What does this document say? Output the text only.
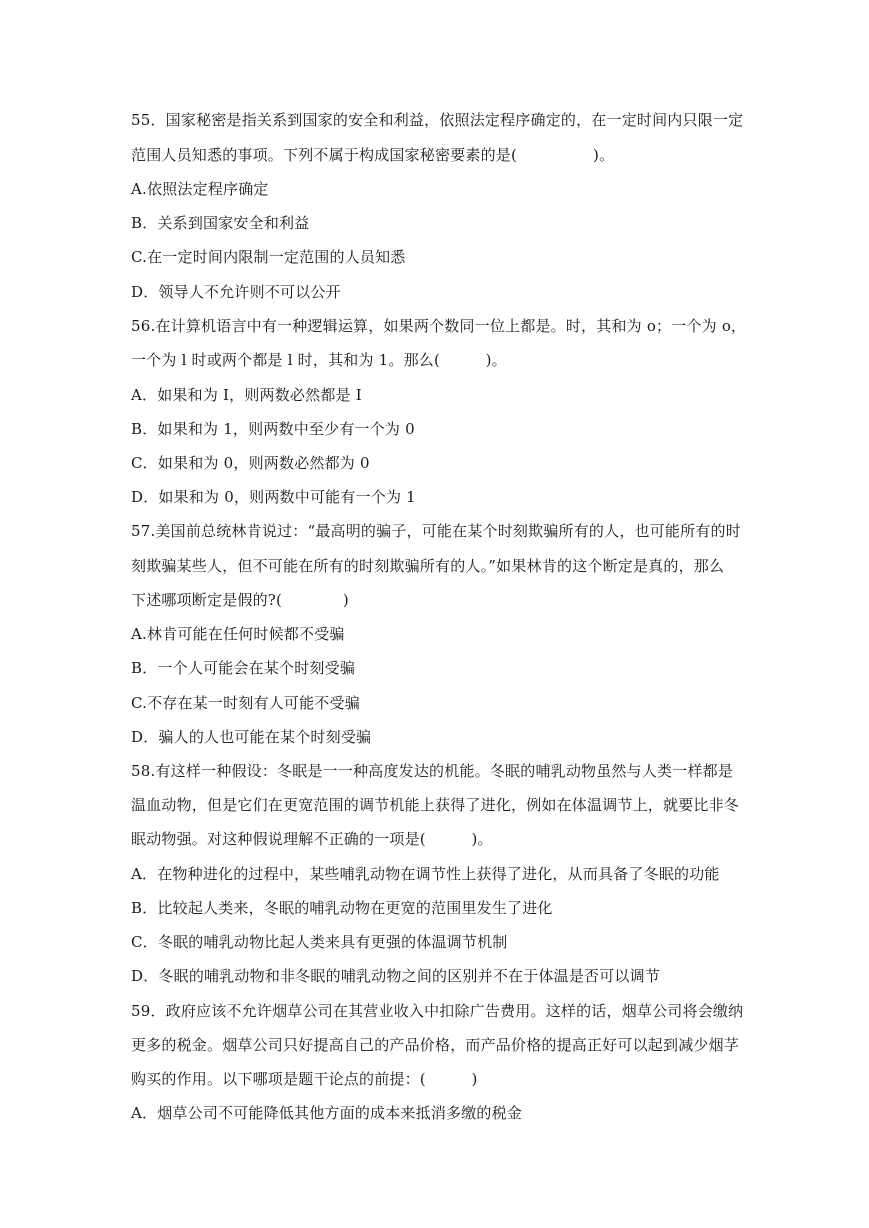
55．国家秘密是指关系到国家的安全和利益，依照法定程序确定的，在一定时间内只限一定
范围人员知悉的事项。下列不属于构成国家秘密要素的是(　　　　　)。
A.依照法定程序确定
B．关系到国家安全和利益
C.在一定时间内限制一定范围的人员知悉
D．领导人不允许则不可以公开
56.在计算机语言中有一种逻辑运算，如果两个数同一位上都是。时，其和为 o；一个为 o，
一个为 l 时或两个都是 l 时，其和为 1。那么(　　　)。
A．如果和为 I，则两数必然都是 I
B．如果和为 1，则两数中至少有一个为 0
C．如果和为 0，则两数必然都为 0
D．如果和为 0，则两数中可能有一个为 1
57.美国前总统林肯说过：“最高明的骗子，可能在某个时刻欺骗所有的人，也可能所有的时
刻欺骗某些人，但不可能在所有的时刻欺骗所有的人。”如果林肯的这个断定是真的，那么
下述哪项断定是假的?(　　　　)
A.林肯可能在任何时候都不受骗
B．一个人可能会在某个时刻受骗
C.不存在某一时刻有人可能不受骗
D．骗人的人也可能在某个时刻受骗
58.有这样一种假设：冬眠是一一种高度发达的机能。冬眠的哺乳动物虽然与人类一样都是
温血动物，但是它们在更宽范围的调节机能上获得了进化，例如在体温调节上，就要比非冬
眠动物强。对这种假说理解不正确的一项是(　　　)。
A．在物种进化的过程中，某些哺乳动物在调节性上获得了进化，从而具备了冬眠的功能
B．比较起人类来，冬眠的哺乳动物在更宽的范围里发生了进化
C．冬眠的哺乳动物比起人类来具有更强的体温调节机制
D．冬眠的哺乳动物和非冬眠的哺乳动物之间的区别并不在于体温是否可以调节
59．政府应该不允许烟草公司在其营业收入中扣除广告费用。这样的话，烟草公司将会缴纳
更多的税金。烟草公司只好提高自己的产品价格，而产品价格的提高正好可以起到减少烟芓
购买的作用。以下哪项是题干论点的前提：(　　　)
A．烟草公司不可能降低其他方面的成本来抵消多缴的税金
